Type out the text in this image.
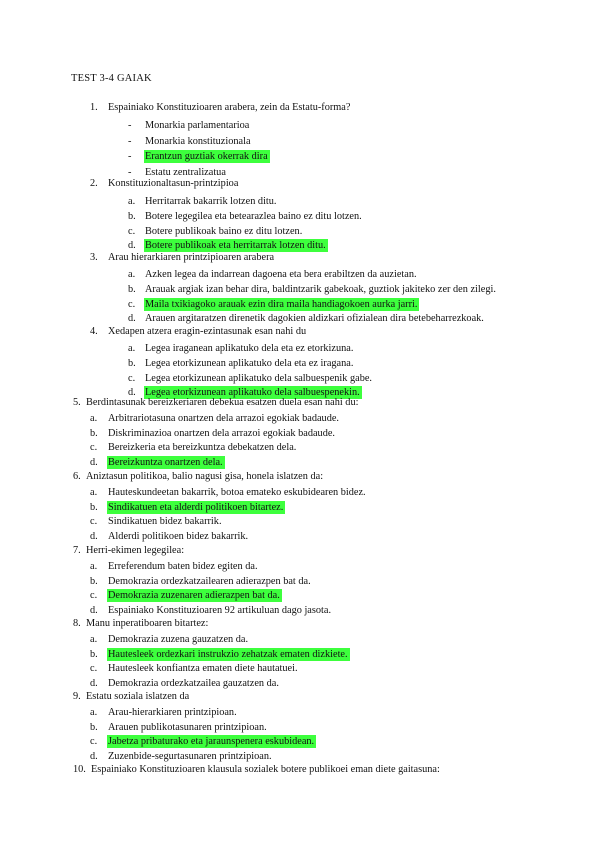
TEST 3-4 GAIAK
1. Espainiako Konstituzioaren arabera, zein da Estatu-forma?
- Monarkia parlamentarioa
- Monarkia konstituzionala
- Erantzun guztiak okerrak dira
- Estatu zentralizatua
2. Konstituzionaltasun-printzipioa
a. Herritarrak bakarrik lotzen ditu.
b. Botere legegilea eta betearazlea baino ez ditu lotzen.
c. Botere publikoak baino ez ditu lotzen.
d. Botere publikoak eta herritarrak lotzen ditu.
3. Arau hierarkiaren printzipioaren arabera
a. Azken legea da indarrean dagoena eta bera erabiltzen da auzietan.
b. Arauak argiak izan behar dira, baldintzarik gabekoak, guztiok jakiteko zer den zilegi.
c. Maila txikiagoko arauak ezin dira maila handiagokoen aurka jarri.
d. Arauen argitaratzen direnetik dagokien aldizkari ofizialean dira betebeharrezkoak.
4. Xedapen atzera eragin-ezintasunak esan nahi du
a. Legea iraganean aplikatuko dela eta ez etorkizuna.
b. Legea etorkizunean aplikatuko dela eta ez iragana.
c. Legea etorkizunean aplikatuko dela salbuespenik gabe.
d. Legea etorkizunean aplikatuko dela salbuespenekin.
5. Berdintasunak bereizkeriaren debekua esatzen duela esan nahi du:
a. Arbitrariotasuna onartzen dela arrazoi egokiak badaude.
b. Diskriminazioa onartzen dela arrazoi egokiak badaude.
c. Bereizkeria eta bereizkuntza debekatzen dela.
d. Bereizkuntza onartzen dela.
6. Aniztasun politikoa, balio nagusi gisa, honela islatzen da:
a. Hauteskundeetan bakarrik, botoa emateko eskubidearen bidez.
b. Sindikatuen eta alderdi politikoen bitartez.
c. Sindikatuen bidez bakarrik.
d. Alderdi politikoen bidez bakarrik.
7. Herri-ekimen legegilea:
a. Erreferendum baten bidez egiten da.
b. Demokrazia ordezkatzailearen adierazpen bat da.
c. Demokrazia zuzenaren adierazpen bat da.
d. Espainiako Konstituzioaren 92 artikuluan dago jasota.
8. Manu inperatiboaren bitartez:
a. Demokrazia zuzena gauzatzen da.
b. Hautesleek ordezkari instrukzio zehatzak ematen dizkiete.
c. Hautesleek konfiantza ematen diete hautatuei.
d. Demokrazia ordezkatzailea gauzatzen da.
9. Estatu soziala islatzen da
a. Arau-hierarkiaren printzipioan.
b. Arauen publikotasunaren printzipioan.
c. Jabetza pribaturako eta jaraunspenera eskubidean.
d. Zuzenbide-segurtasunaren printzipioan.
10. Espainiako Konstituzioaren klausula sozialek botere publikoei eman diete gaitasuna:
